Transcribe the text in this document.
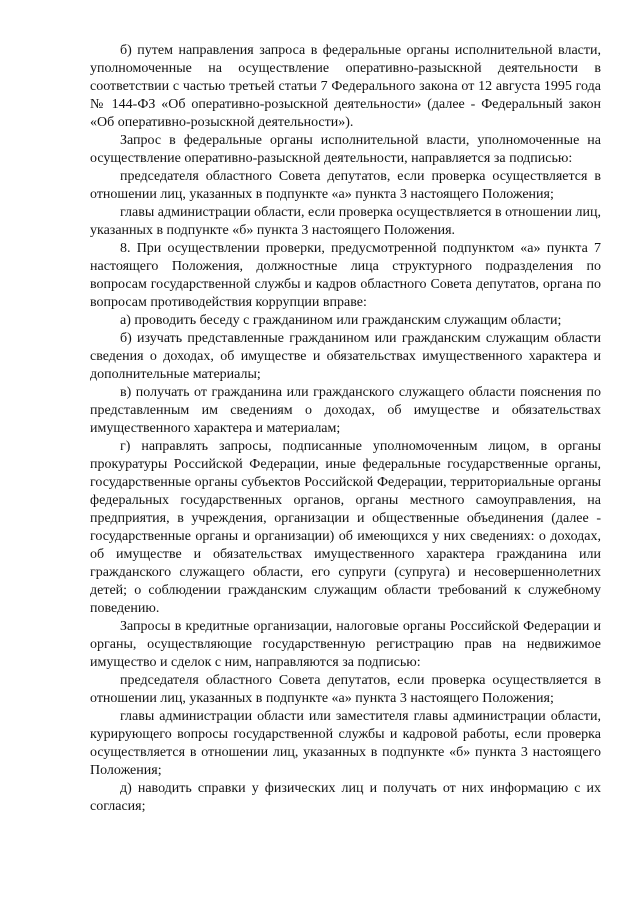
б) путем направления запроса в федеральные органы исполнительной власти, уполномоченные на осуществление оперативно-разыскной деятельности в соответствии с частью третьей статьи 7 Федерального закона от 12 августа 1995 года № 144-ФЗ «Об оперативно-розыскной деятельности» (далее - Федеральный закон «Об оперативно-розыскной деятельности»).

Запрос в федеральные органы исполнительной власти, уполномоченные на осуществление оперативно-разыскной деятельности, направляется за подписью:

председателя областного Совета депутатов, если проверка осуществляется в отношении лиц, указанных в подпункте «а» пункта 3 настоящего Положения;

главы администрации области, если проверка осуществляется в отношении лиц, указанных в подпункте «б» пункта 3 настоящего Положения.

8. При осуществлении проверки, предусмотренной подпунктом «а» пункта 7 настоящего Положения, должностные лица структурного подразделения по вопросам государственной службы и кадров областного Совета депутатов, органа по вопросам противодействия коррупции вправе:

а) проводить беседу с гражданином или гражданским служащим области;

б) изучать представленные гражданином или гражданским служащим области сведения о доходах, об имуществе и обязательствах имущественного характера и дополнительные материалы;

в) получать от гражданина или гражданского служащего области пояснения по представленным им сведениям о доходах, об имуществе и обязательствах имущественного характера и материалам;

г) направлять запросы, подписанные уполномоченным лицом, в органы прокуратуры Российской Федерации, иные федеральные государственные органы, государственные органы субъектов Российской Федерации, территориальные органы федеральных государственных органов, органы местного самоуправления, на предприятия, в учреждения, организации и общественные объединения (далее - государственные органы и организации) об имеющихся у них сведениях: о доходах, об имуществе и обязательствах имущественного характера гражданина или гражданского служащего области, его супруги (супруга) и несовершеннолетних детей; о соблюдении гражданским служащим области требований к служебному поведению.

Запросы в кредитные организации, налоговые органы Российской Федерации и органы, осуществляющие государственную регистрацию прав на недвижимое имущество и сделок с ним, направляются за подписью:

председателя областного Совета депутатов, если проверка осуществляется в отношении лиц, указанных в подпункте «а» пункта 3 настоящего Положения;

главы администрации области или заместителя главы администрации области, курирующего вопросы государственной службы и кадровой работы, если проверка осуществляется в отношении лиц, указанных в подпункте «б» пункта 3 настоящего Положения;

д) наводить справки у физических лиц и получать от них информацию с их согласия;
